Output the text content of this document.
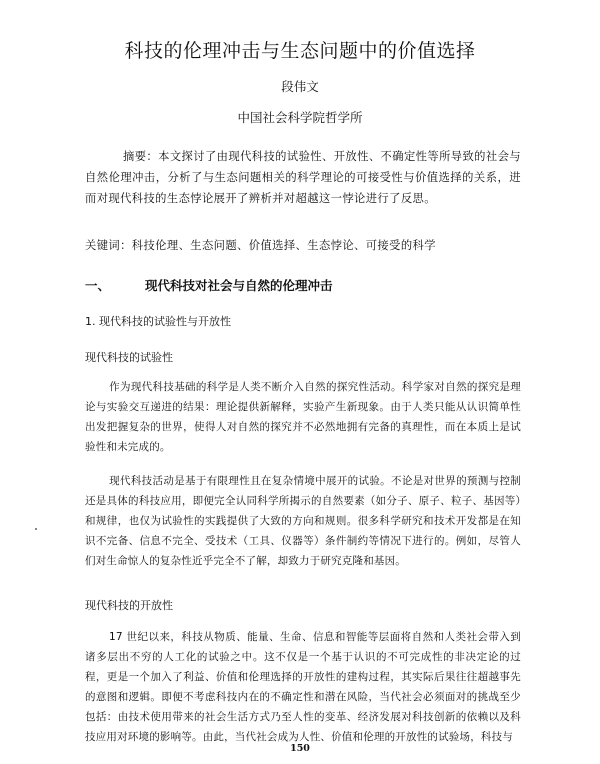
科技的伦理冲击与生态问题中的价值选择
段伟文
中国社会科学院哲学所
摘要：本文探讨了由现代科技的试验性、开放性、不确定性等所导致的社会与自然伦理冲击，分析了与生态问题相关的科学理论的可接受性与价值选择的关系，进而对现代科技的生态悖论展开了辨析并对超越这一悖论进行了反思。
关键词：科技伦理、生态问题、价值选择、生态悖论、可接受的科学
一、	现代科技对社会与自然的伦理冲击
1. 现代科技的试验性与开放性
现代科技的试验性
作为现代科技基础的科学是人类不断介入自然的探究性活动。科学家对自然的探究是理论与实验交互递进的结果：理论提供新解释，实验产生新现象。由于人类只能从认识简单性出发把握复杂的世界，使得人对自然的探究并不必然地拥有完备的真理性，而在本质上是试验性和未完成的。
现代科技活动是基于有限理性且在复杂情境中展开的试验。不论是对世界的预测与控制还是具体的科技应用，即便完全认同科学所揭示的自然要素（如分子、原子、粒子、基因等）和规律，也仅为试验性的实践提供了大致的方向和规则。很多科学研究和技术开发都是在知识不完备、信息不完全、受技术（工具、仪器等）条件制约等情况下进行的。例如，尽管人们对生命惊人的复杂性近乎完全不了解，却致力于研究克隆和基因。
现代科技的开放性
17 世纪以来，科技从物质、能量、生命、信息和智能等层面将自然和人类社会带入到诸多层出不穷的人工化的试验之中。这不仅是一个基于认识的不可完成性的非决定论的过程，更是一个加入了利益、价值和伦理选择的开放性的建构过程，其实际后果往往超越事先的意图和逻辑。即便不考虑科技内在的不确定性和潜在风险，当代社会必须面对的挑战至少包括：由技术使用带来的社会生活方式乃至人性的变革、经济发展对科技创新的依赖以及科技应用对环境的影响等。由此，当代社会成为人性、价值和伦理的开放性的试验场，科技与
150
